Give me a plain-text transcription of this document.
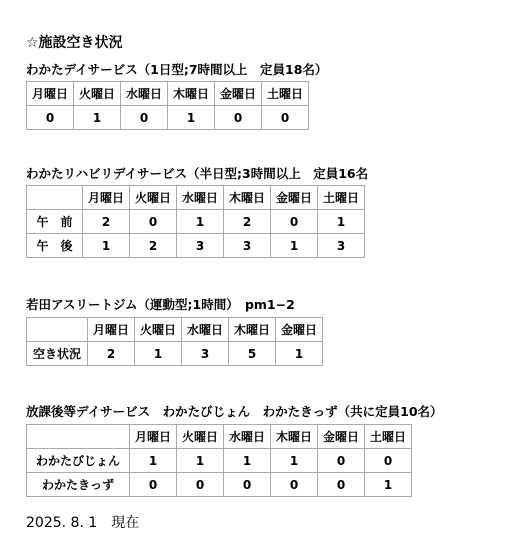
☆施設空き状況
わかたデイサービス（1日型;7時間以上　定員18名）
月曜日	火曜日	水曜日	木曜日	金曜日	土曜日
0	1	0	1	0	0
わかたリハビリデイサービス（半日型;3時間以上　定員16名
	月曜日	火曜日	水曜日	木曜日	金曜日	土曜日
午　前	2	0	1	2	0	1
午　後	1	2	3	3	1	3
若田アスリートジム（運動型;1時間）　pm1−2
	月曜日	火曜日	水曜日	木曜日	金曜日
空き状況	2	1	3	5	1
放課後等デイサービス　わかたびじょん　わかたきっず（共に定員10名）
	月曜日	火曜日	水曜日	木曜日	金曜日	土曜日
わかたびじょん	1	1	1	1	0	0
わかたきっず	0	0	0	0	0	1
2025. 8. 1　現在
